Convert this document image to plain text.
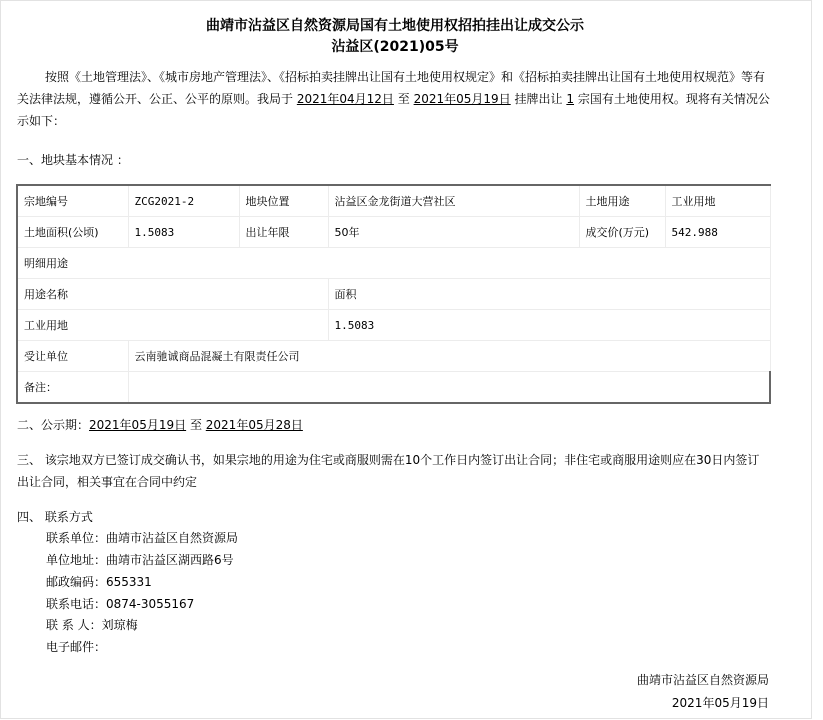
曲靖市沾益区自然资源局国有土地使用权招拍挂出让成交公示
沾益区(2021)05号
按照《土地管理法》、《城市房地产管理法》、《招标拍卖挂牌出让国有土地使用权规定》和《招标拍卖挂牌出让国有土地使用权规范》等有关法律法规，遵循公开、公正、公平的原则。我局于 2021年04月12日 至 2021年05月19日 挂牌出让 1 宗国有土地使用权。现将有关情况公示如下：
一、地块基本情况 ：
宗地编号	ZCG2021-2	地块位置	沾益区金龙街道大营社区	土地用途	工业用地
土地面积(公顷)	1.5083	出让年限	50年	成交价(万元)	542.988
明细用途					
用途名称			面积		
工业用地			1.5083		
受让单位	云南驰诚商品混凝土有限责任公司				
备注：					
二、公示期：2021年05月19日 至 2021年05月28日
三、 该宗地双方已签订成交确认书，如果宗地的用途为住宅或商服则需在10个工作日内签订出让合同；非住宅或商服用途则应在30日内签订出让合同，相关事宜在合同中约定
四、 联系方式
联系单位：曲靖市沾益区自然资源局
单位地址：曲靖市沾益区湖西路6号
邮政编码：655331
联系电话：0874-3055167
联 系 人：刘琼梅
电子邮件：
曲靖市沾益区自然资源局
2021年05月19日
